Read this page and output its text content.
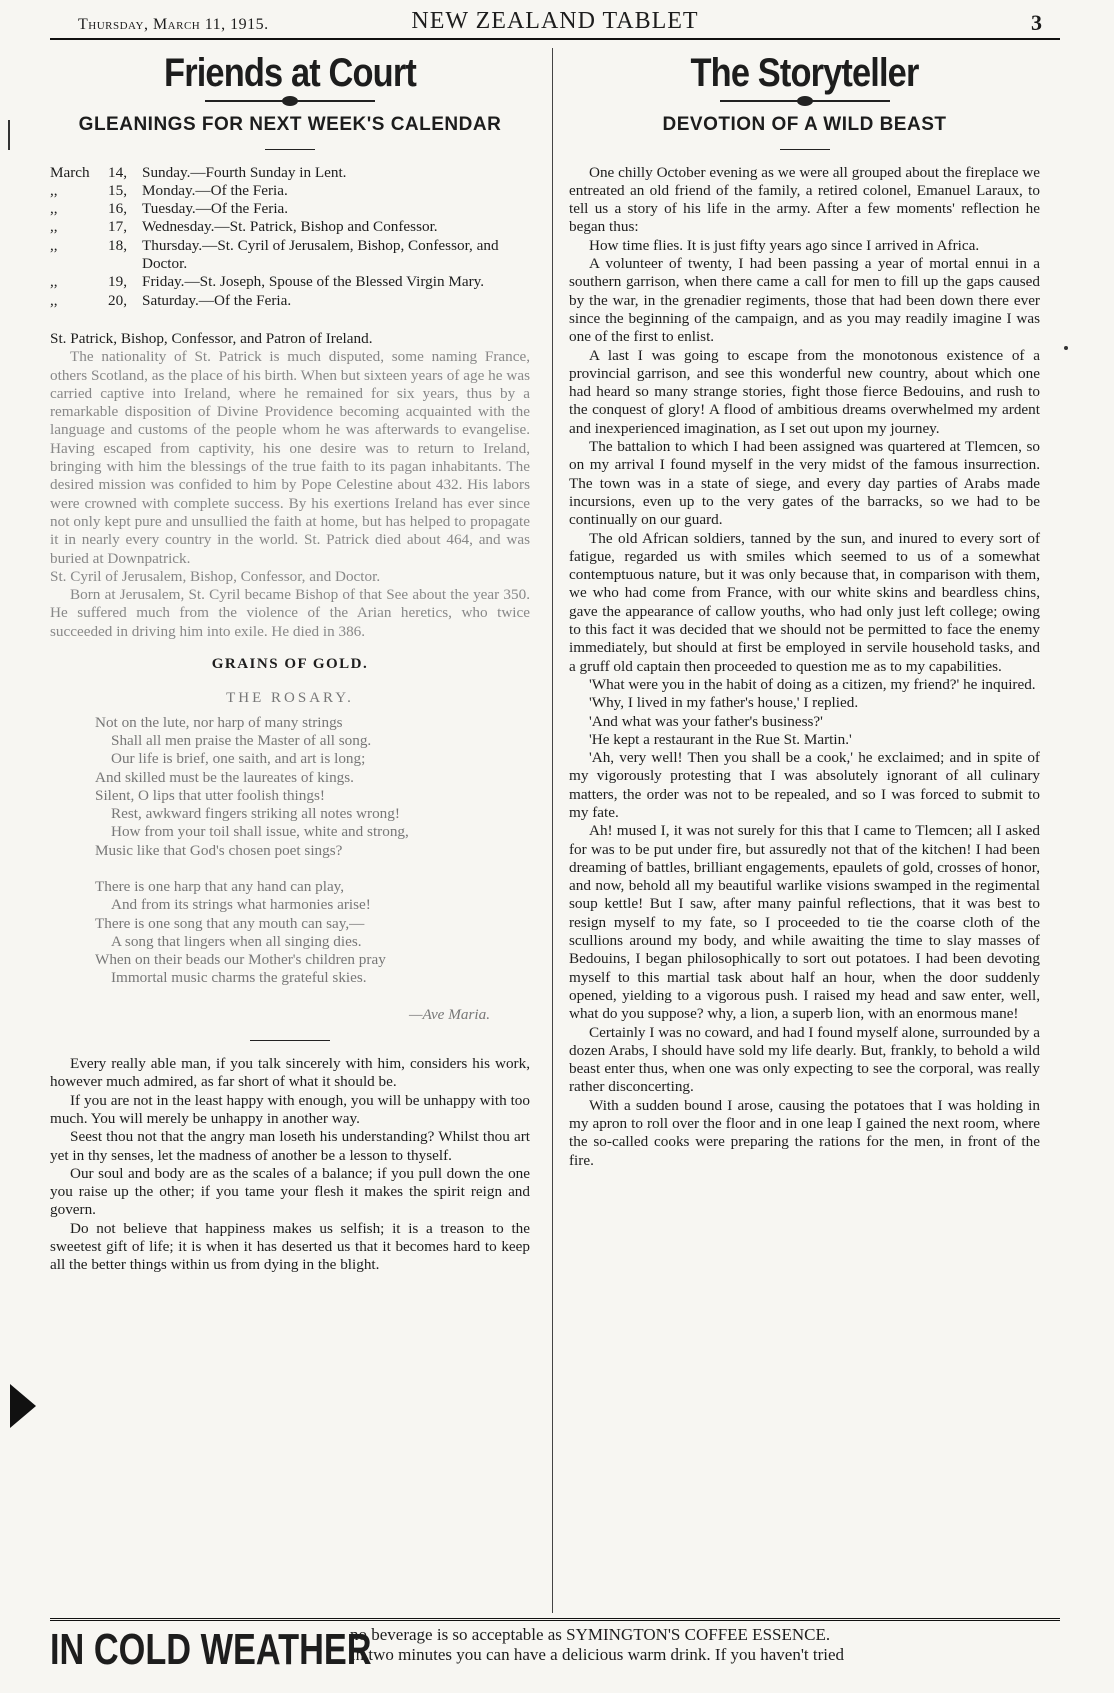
Thursday, March 11, 1915.	NEW ZEALAND TABLET	3
Friends at Court
GLEANINGS FOR NEXT WEEK'S CALENDAR
March 14, Sunday.—Fourth Sunday in Lent.
,,	15, Monday.—Of the Feria.
,,	16, Tuesday.—Of the Feria.
,,	17, Wednesday.—St. Patrick, Bishop and Confessor.
,,	18, Thursday.—St. Cyril of Jerusalem, Bishop, Confessor, and Doctor.
,,	19, Friday.—St. Joseph, Spouse of the Blessed Virgin Mary.
,,	20, Saturday.—Of the Feria.

St. Patrick, Bishop, Confessor, and Patron of Ireland.

The nationality of St. Patrick is much disputed, some naming France, others Scotland, as the place of his birth. When but sixteen years of age he was carried captive into Ireland, where he remained for six years, thus by a remarkable disposition of Divine Providence becoming acquainted with the language and customs of the people whom he was afterwards to evangelise. Having escaped from captivity, his one desire was to return to Ireland, bringing with him the blessings of the true faith to its pagan inhabitants. The desired mission was confided to him by Pope Celestine about 432. His labors were crowned with complete success. By his exertions Ireland has ever since not only kept pure and unsullied the faith at home, but has helped to propagate it in nearly every country in the world. St. Patrick died about 464, and was buried at Downpatrick.

St. Cyril of Jerusalem, Bishop, Confessor, and Doctor.

Born at Jerusalem, St. Cyril became Bishop of that See about the year 350. He suffered much from the violence of the Arian heretics, who twice succeeded in driving him into exile. He died in 386.

GRAINS OF GOLD.
THE ROSARY.
Not on the lute, nor harp of many strings
Shall all men praise the Master of all song.
Our life is brief, one saith, and art is long;
And skilled must be the laureates of kings.
Silent, O lips that utter foolish things!
Rest, awkward fingers striking all notes wrong!
How from your toil shall issue, white and strong,
Music like that God's chosen poet sings?
There is one harp that any hand can play,
And from its strings what harmonies arise!
There is one song that any mouth can say,—
A song that lingers when all singing dies.
When on their beads our Mother's children pray
Immortal music charms the grateful skies.
—Ave Maria.

Every really able man, if you talk sincerely with him, considers his work, however much admired, as far short of what it should be.

If you are not in the least happy with enough, you will be unhappy with too much. You will merely be unhappy in another way.

Seest thou not that the angry man loseth his understanding? Whilst thou art yet in thy senses, let the madness of another be a lesson to thyself.

Our soul and body are as the scales of a balance; if you pull down the one you raise up the other; if you tame your flesh it makes the spirit reign and govern.

Do not believe that happiness makes us selfish; it is a treason to the sweetest gift of life; it is when it has deserted us that it becomes hard to keep all the better things within us from dying in the blight.

The Storyteller
DEVOTION OF A WILD BEAST

One chilly October evening as we were all grouped about the fireplace we entreated an old friend of the family, a retired colonel, Emanuel Laraux, to tell us a story of his life in the army. After a few moments' reflection he began thus:

How time flies. It is just fifty years ago since I arrived in Africa.

A volunteer of twenty, I had been passing a year of mortal ennui in a southern garrison, when there came a call for men to fill up the gaps caused by the war, in the grenadier regiments, those that had been down there ever since the beginning of the campaign, and as you may readily imagine I was one of the first to enlist.

A last I was going to escape from the monotonous existence of a provincial garrison, and see this wonderful new country, about which one had heard so many strange stories, fight those fierce Bedouins, and rush to the conquest of glory! A flood of ambitious dreams overwhelmed my ardent and inexperienced imagination, as I set out upon my journey.

The battalion to which I had been assigned was quartered at Tlemcen, so on my arrival I found myself in the very midst of the famous insurrection. The town was in a state of siege, and every day parties of Arabs made incursions, even up to the very gates of the barracks, so we had to be continually on our guard.

The old African soldiers, tanned by the sun, and inured to every sort of fatigue, regarded us with smiles which seemed to us of a somewhat contemptuous nature, but it was only because that, in comparison with them, we who had come from France, with our white skins and beardless chins, gave the appearance of callow youths, who had only just left college; owing to this fact it was decided that we should not be permitted to face the enemy immediately, but should at first be employed in servile household tasks, and a gruff old captain then proceeded to question me as to my capabilities.

'What were you in the habit of doing as a citizen, my friend?' he inquired.

'Why, I lived in my father's house,' I replied.

'And what was your father's business?'

'He kept a restaurant in the Rue St. Martin.'

'Ah, very well! Then you shall be a cook,' he exclaimed; and in spite of my vigorously protesting that I was absolutely ignorant of all culinary matters, the order was not to be repealed, and so I was forced to submit to my fate.

Ah! mused I, it was not surely for this that I came to Tlemcen; all I asked for was to be put under fire, but assuredly not that of the kitchen! I had been dreaming of battles, brilliant engagements, epaulets of gold, crosses of honor, and now, behold all my beautiful warlike visions swamped in the regimental soup kettle! But I saw, after many painful reflections, that it was best to resign myself to my fate, so I proceeded to tie the coarse cloth of the scullions around my body, and while awaiting the time to slay masses of Bedouins, I began philosophically to sort out potatoes. I had been devoting myself to this martial task about half an hour, when the door suddenly opened, yielding to a vigorous push. I raised my head and saw enter, well, what do you suppose? why, a lion, a superb lion, with an enormous mane!

Certainly I was no coward, and had I found myself alone, surrounded by a dozen Arabs, I should have sold my life dearly. But, frankly, to behold a wild beast enter thus, when one was only expecting to see the corporal, was really rather disconcerting.

With a sudden bound I arose, causing the potatoes that I was holding in my apron to roll over the floor and in one leap I gained the next room, where the so-called cooks were preparing the rations for the men, in front of the fire.

IN COLD WEATHER
no beverage is so acceptable as SYMINGTON'S COFFEE ESSENCE.
In two minutes you can have a delicious warm drink. If you haven't tried
